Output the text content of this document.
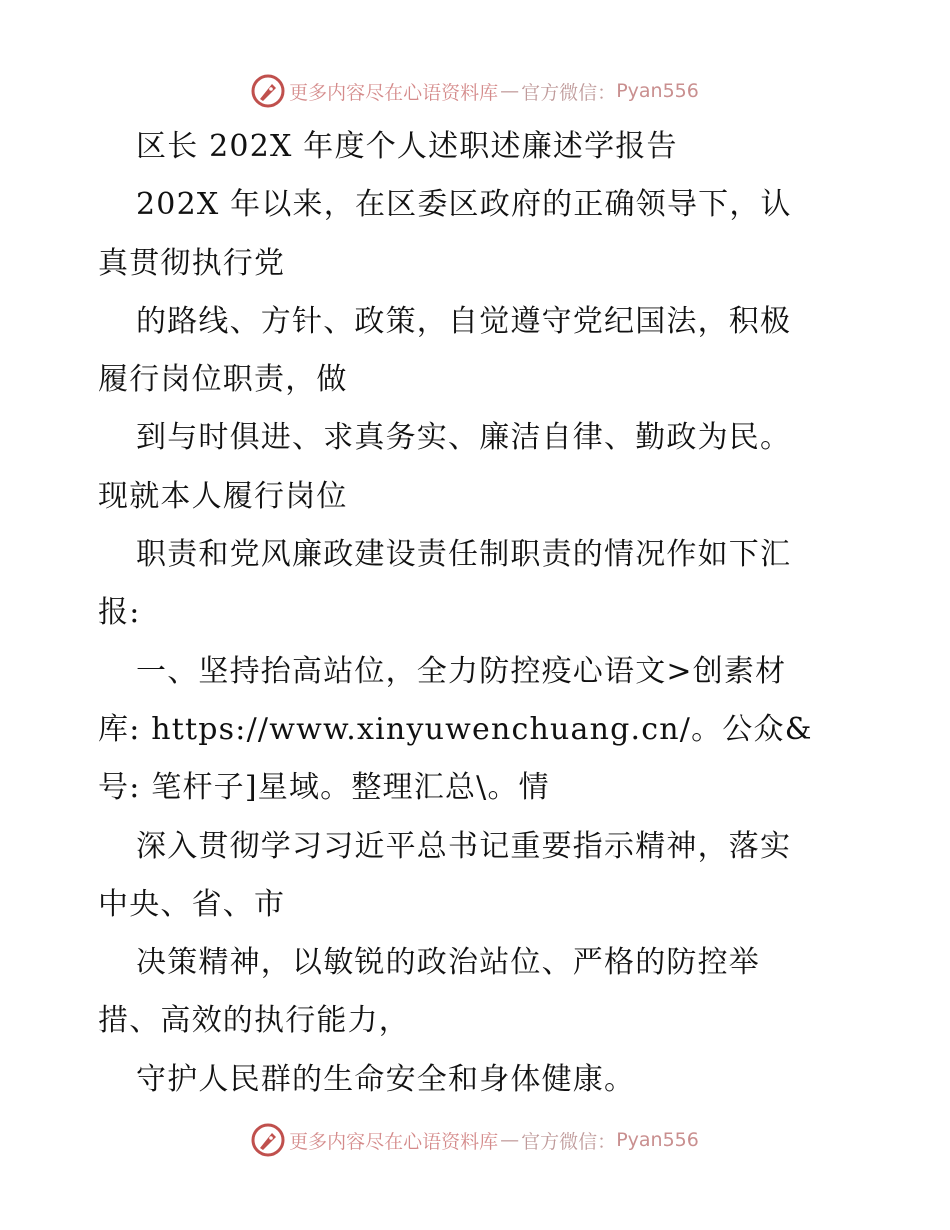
更多内容尽在心语资料库 — 官方微信： Pyan556
区长 202X 年度个人述职述廉述学报告
202X 年以来，在区委区政府的正确领导下，认
真贯彻执行党
的路线、方针、政策，自觉遵守党纪国法，积极
履行岗位职责，做
到与时俱进、求真务实、廉洁自律、勤政为民。
现就本人履行岗位
职责和党风廉政建设责任制职责的情况作如下汇
报:
一、坚持抬高站位，全力防控疫心语文>创素材
库: https://www.xinyuwenchuang.cn/。公众&
号: 笔杆子]星域。整理汇总\。情
深入贯彻学习习近平总书记重要指示精神，落实
中央、省、市
决策精神，以敏锐的政治站位、严格的防控举
措、高效的执行能力，
守护人民群的生命安全和身体健康。
更多内容尽在心语资料库 — 官方微信： Pyan556
